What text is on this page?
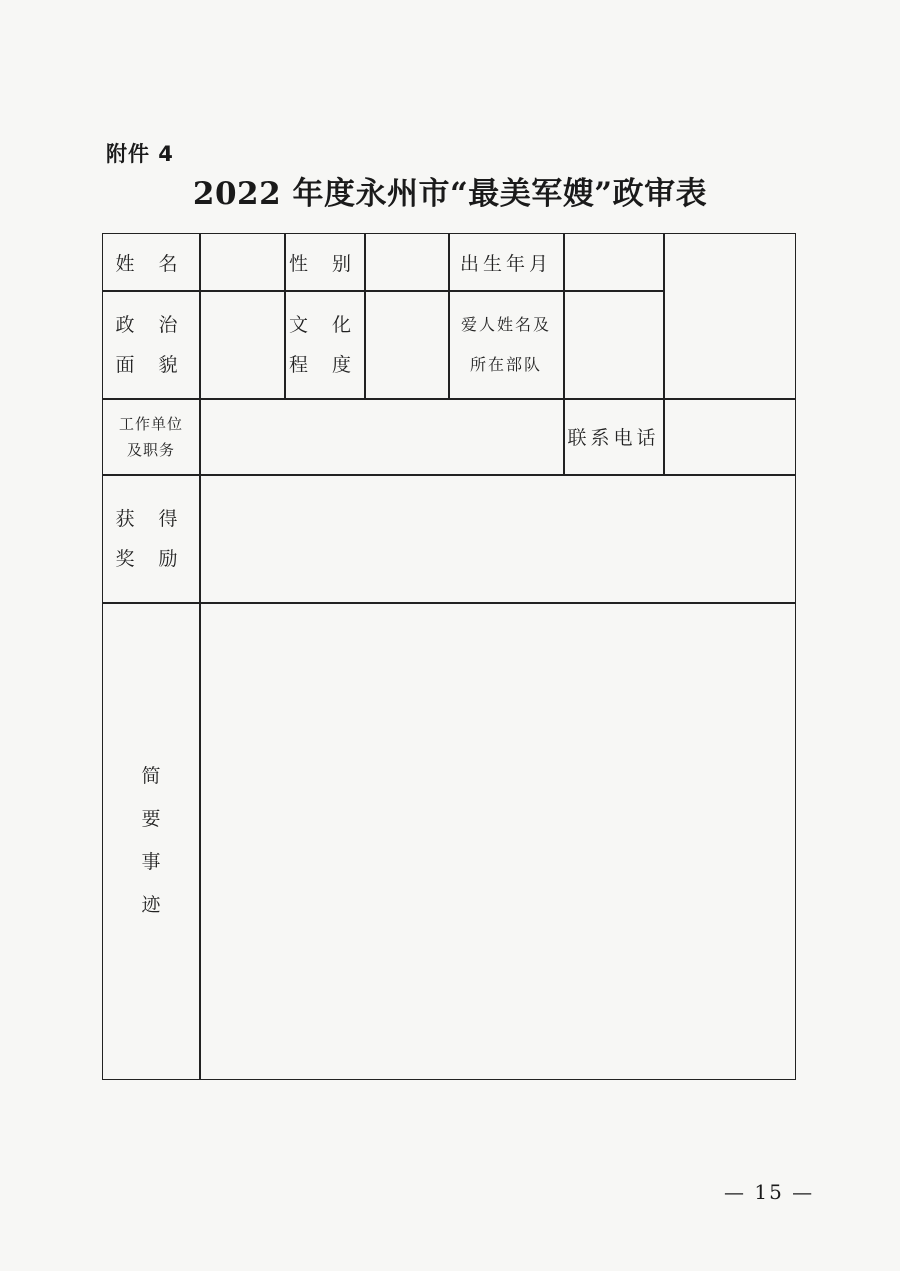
附件 4
2022 年度永州市“最美军嫂”政审表
姓 名	性 别	出生年月
政 治
面 貌
文 化
程 度
爱人姓名及
所在部队
工作单位
及职务
联系电话
获 得
奖 励
简
要
事
迹
— 15 —
